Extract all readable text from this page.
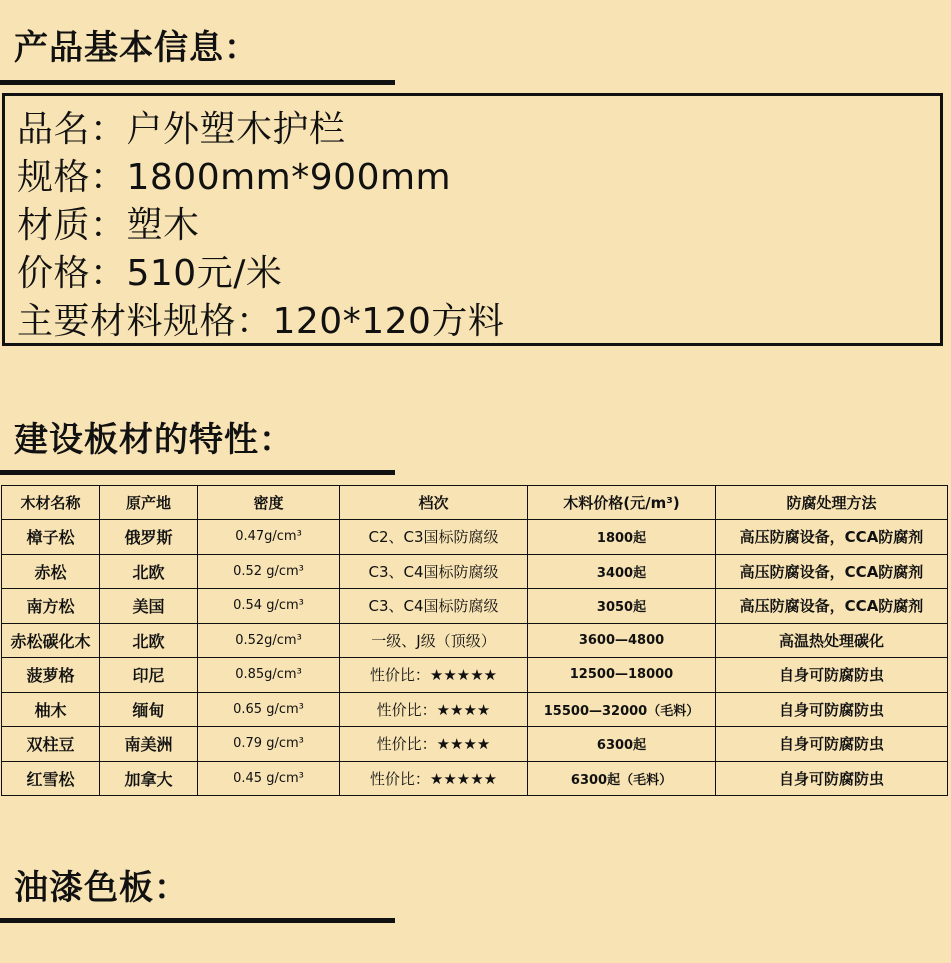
产品基本信息：
品名：户外塑木护栏
规格：1800mm*900mm
材质：塑木
价格：510元/米
主要材料规格：120*120方料
建设板材的特性：
木材名称	原产地	密度	档次	木料价格(元/m³)	防腐处理方法
樟子松	俄罗斯	0.47g/cm³	C2、C3国标防腐级	1800起	高压防腐设备，CCA防腐剂
赤松	北欧	0.52 g/cm³	C3、C4国标防腐级	3400起	高压防腐设备，CCA防腐剂
南方松	美国	0.54 g/cm³	C3、C4国标防腐级	3050起	高压防腐设备，CCA防腐剂
赤松碳化木	北欧	0.52g/cm³	一级、J级（顶级）	3600—4800	高温热处理碳化
菠萝格	印尼	0.85g/cm³	性价比：★★★★★	12500—18000	自身可防腐防虫
柚木	缅甸	0.65 g/cm³	性价比：★★★★	15500—32000（毛料）	自身可防腐防虫
双柱豆	南美洲	0.79 g/cm³	性价比：★★★★	6300起	自身可防腐防虫
红雪松	加拿大	0.45 g/cm³	性价比：★★★★★	6300起（毛料）	自身可防腐防虫
油漆色板：
